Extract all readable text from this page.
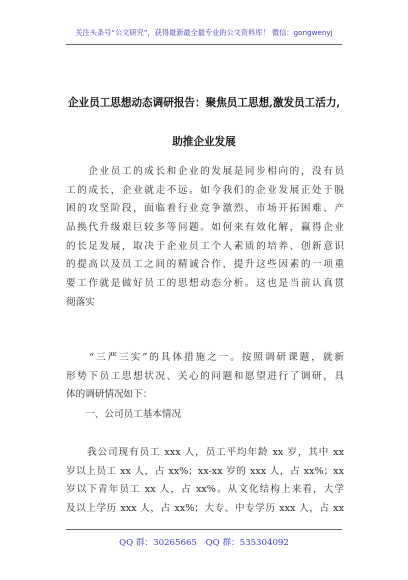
关注头条号“公文研究”，获得最新最全最专业的公文资料库！ 微信：gongwenyj
企业员工思想动态调研报告：聚焦员工思想,激发员工活力,
助推企业发展
　　企业员工的成长和企业的发展是同步相向的，没有员
工的成长，企业就走不远。如今我们的企业发展正处于脱
困的攻坚阶段，面临着行业竞争激烈、市场开拓困难、产
品换代升级艰巨较多等问题。如何来有效化解，赢得企业
的长足发展，取决于企业员工个人素质的培养、创新意识
的提高以及员工之间的精诚合作，提升这些因素的一项重
要工作就是做好员工的思想动态分析。这也是当前认真贯
彻落实
　　“三严三实”的具体措施之一。按照调研课题，就新
形势下员工思想状况、关心的问题和愿望进行了调研，具
体的调研情况如下：
　　一、公司员工基本情况
　　我公司现有员工 xxx 人，员工平均年龄 xx 岁，其中 xx
岁以上员工 xx 人，占 xx%；xx-xx 岁的 xxx 人，占 xx%；xx
岁以下青年员工 xx 人，占 xx%。从文化结构上来看，大学
及以上学历 xxx 人，占 xx%；大专、中专学历 xxx 人，占 xx
QQ 群：30265665 QQ 群：535304092
